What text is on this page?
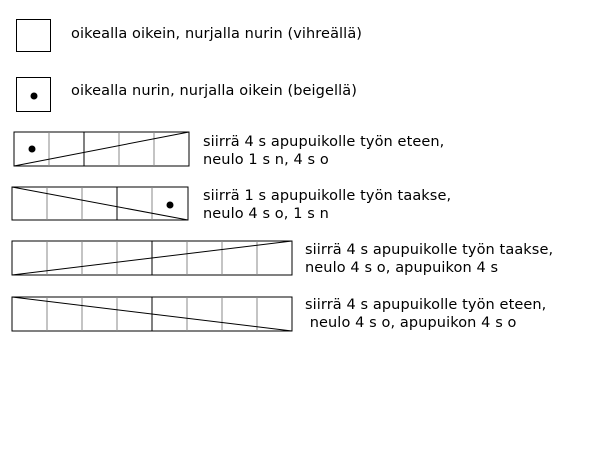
oikealla oikein, nurjalla nurin (vihreällä)
oikealla nurin, nurjalla oikein (beigellä)
siirrä 4 s apupuikolle työn eteen,
neulo 1 s n, 4 s o
siirrä 1 s apupuikolle työn taakse,
neulo 4 s o, 1 s n
siirrä 4 s apupuikolle työn taakse,
neulo 4 s o, apupuikon 4 s
siirrä 4 s apupuikolle työn eteen,
neulo 4 s o, apupuikon 4 s o
